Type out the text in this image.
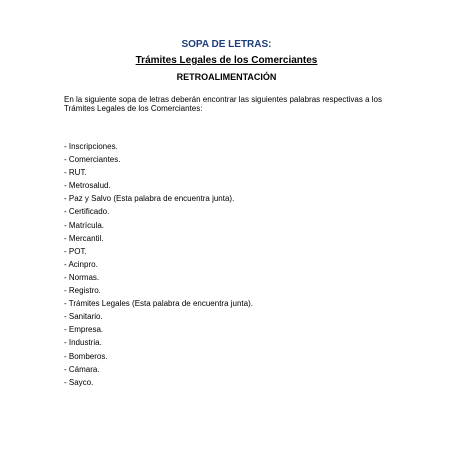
SOPA DE LETRAS:
Trámites Legales de los Comerciantes
RETROALIMENTACIÓN
En la siguiente sopa de letras deberán encontrar las siguientes palabras respectivas a los Trámites Legales de los Comerciantes:
- Inscripciones.
- Comerciantes.
- RUT.
- Metrosalud.
- Paz y Salvo (Esta palabra de encuentra junta).
- Certificado.
- Matrícula.
- Mercantil.
- POT.
- Acinpro.
- Normas.
- Registro.
- Trámites Legales (Esta palabra de encuentra junta).
- Sanitario.
- Empresa.
- Industria.
- Bomberos.
- Cámara.
- Sayco.
